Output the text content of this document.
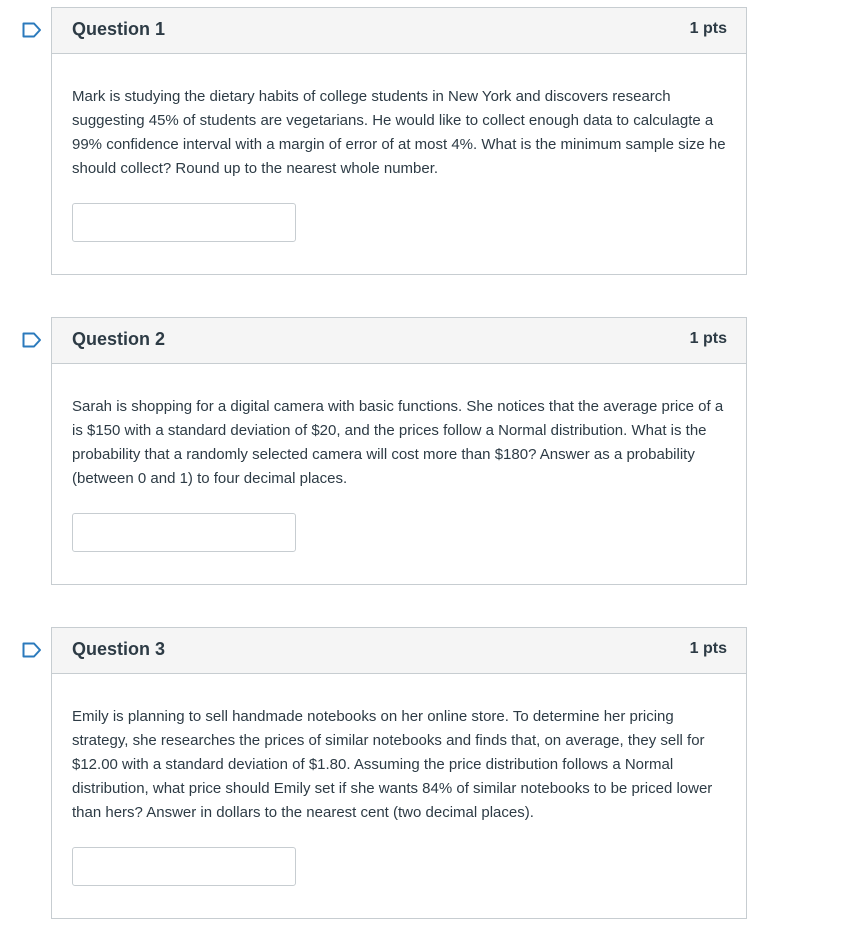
Question 1	1 pts
Mark is studying the dietary habits of college students in New York and discovers research suggesting 45% of students are vegetarians. He would like to collect enough data to calculagte a 99% confidence interval with a margin of error of at most 4%. What is the minimum sample size he should collect? Round up to the nearest whole number.
Question 2	1 pts
Sarah is shopping for a digital camera with basic functions. She notices that the average price of a is $150 with a standard deviation of $20, and the prices follow a Normal distribution. What is the probability that a randomly selected camera will cost more than $180? Answer as a probability (between 0 and 1) to four decimal places.
Question 3	1 pts
Emily is planning to sell handmade notebooks on her online store. To determine her pricing strategy, she researches the prices of similar notebooks and finds that, on average, they sell for $12.00 with a standard deviation of $1.80. Assuming the price distribution follows a Normal distribution, what price should Emily set if she wants 84% of similar notebooks to be priced lower than hers? Answer in dollars to the nearest cent (two decimal places).
